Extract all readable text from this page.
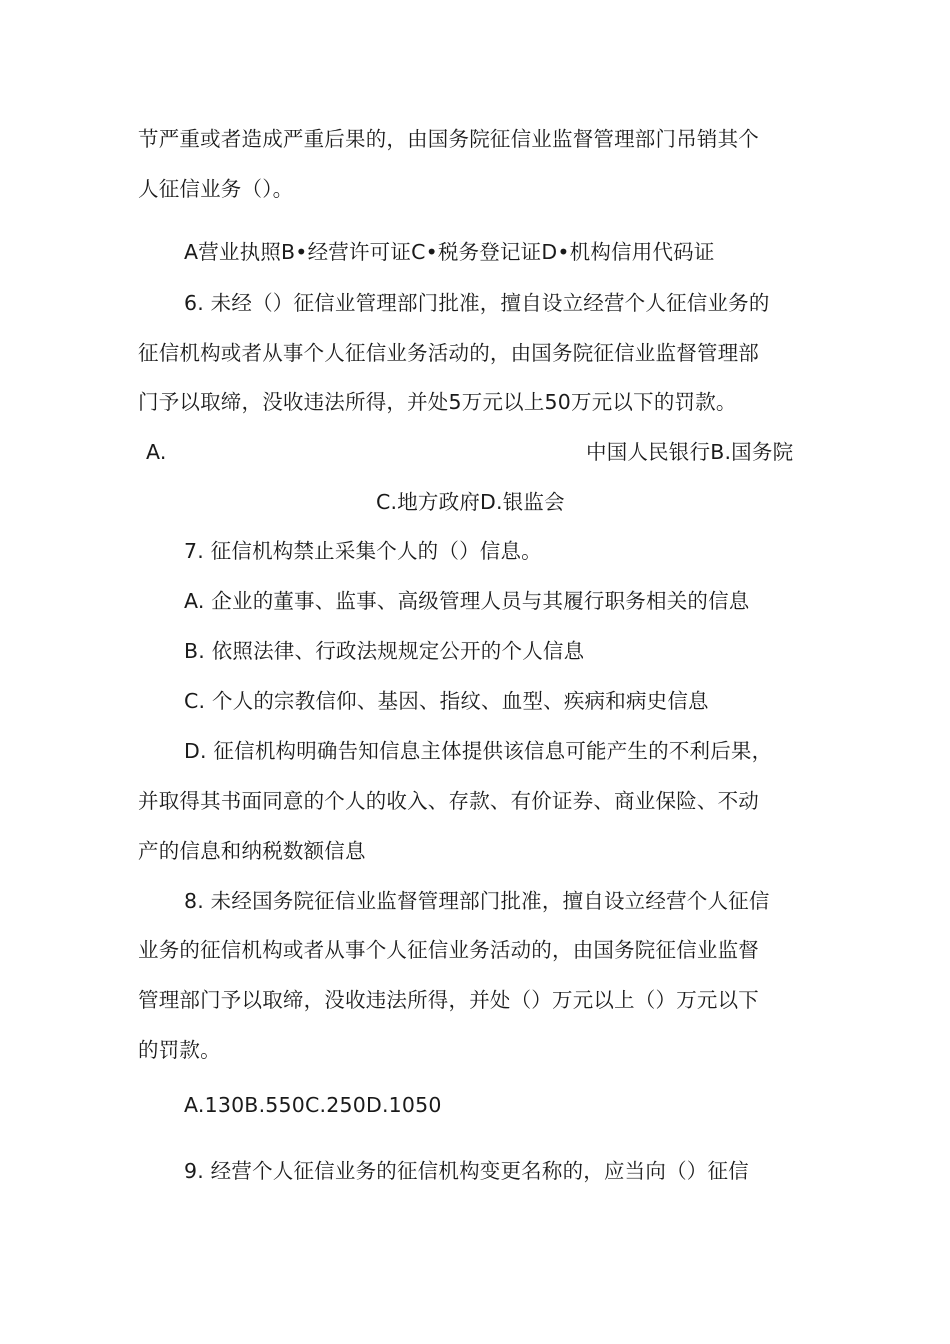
节严重或者造成严重后果的，由国务院征信业监督管理部门吊销其个
人征信业务（）。
A营业执照B•经营许可证C•税务登记证D•机构信用代码证
6. 未经（）征信业管理部门批准，擅自设立经营个人征信业务的
征信机构或者从事个人征信业务活动的，由国务院征信业监督管理部
门予以取缔，没收违法所得，并处5万元以上50万元以下的罚款。
A.	中国人民银行B.国务院
C.地方政府D.银监会
7. 征信机构禁止采集个人的（）信息。
A. 企业的董事、监事、高级管理人员与其履行职务相关的信息
B. 依照法律、行政法规规定公开的个人信息
C. 个人的宗教信仰、基因、指纹、血型、疾病和病史信息
D. 征信机构明确告知信息主体提供该信息可能产生的不利后果，
并取得其书面同意的个人的收入、存款、有价证券、商业保险、不动
产的信息和纳税数额信息
8. 未经国务院征信业监督管理部门批准，擅自设立经营个人征信
业务的征信机构或者从事个人征信业务活动的，由国务院征信业监督
管理部门予以取缔，没收违法所得，并处（）万元以上（）万元以下
的罚款。
A.130B.550C.250D.1050
9. 经营个人征信业务的征信机构变更名称的，应当向（）征信
